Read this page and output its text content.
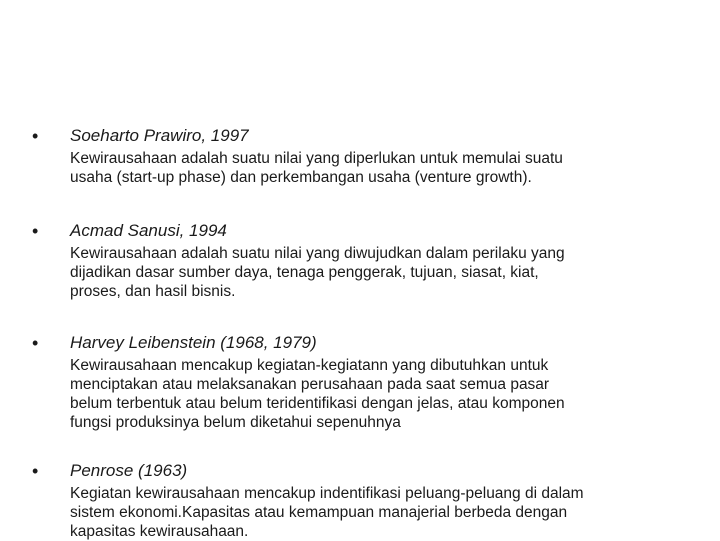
• Soeharto Prawiro, 1997
Kewirausahaan adalah suatu nilai yang diperlukan untuk memulai suatu
usaha (start-up phase) dan perkembangan usaha (venture growth).
• Acmad Sanusi, 1994
Kewirausahaan adalah suatu nilai yang diwujudkan dalam perilaku yang
dijadikan dasar sumber daya, tenaga penggerak, tujuan, siasat, kiat,
proses, dan hasil bisnis.
• Harvey Leibenstein (1968, 1979)
Kewirausahaan mencakup kegiatan-kegiatann yang dibutuhkan untuk
menciptakan atau melaksanakan perusahaan pada saat semua pasar
belum terbentuk atau belum teridentifikasi dengan jelas, atau komponen
fungsi produksinya belum diketahui sepenuhnya
• Penrose (1963)
Kegiatan kewirausahaan mencakup indentifikasi peluang-peluang di dalam
sistem ekonomi.Kapasitas atau kemampuan manajerial berbeda dengan
kapasitas kewirausahaan.
